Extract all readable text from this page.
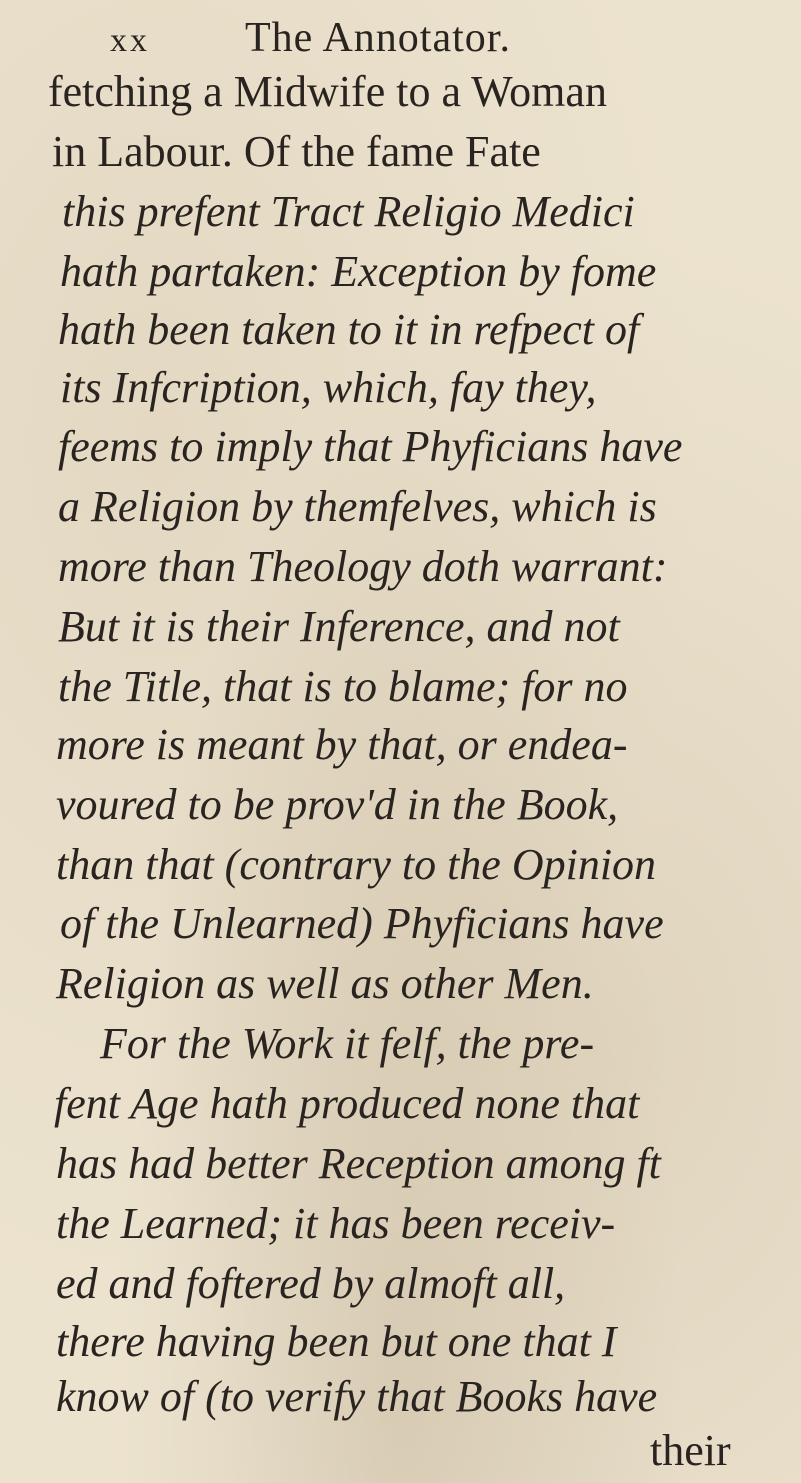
xx The Annotator.
fetching a Midwife to a Woman
in Labour. Of the fame Fate
this prefent Tract Religio Medici
hath partaken: Exception by fome
hath been taken to it in refpect of
its Infcription, which, fay they,
feems to imply that Phyficians have
a Religion by themfelves, which is
more than Theology doth warrant:
But it is their Inference, and not
the Title, that is to blame; for no
more is meant by that, or endea-
voured to be prov'd in the Book,
than that (contrary to the Opinion
of the Unlearned) Phyficians have
Religion as well as other Men.
For the Work it felf, the pre-
fent Age hath produced none that
has had better Reception among ft
the Learned; it has been receiv-
ed and foftered by almoft all,
there having been but one that I
know of (to verify that Books have
their
